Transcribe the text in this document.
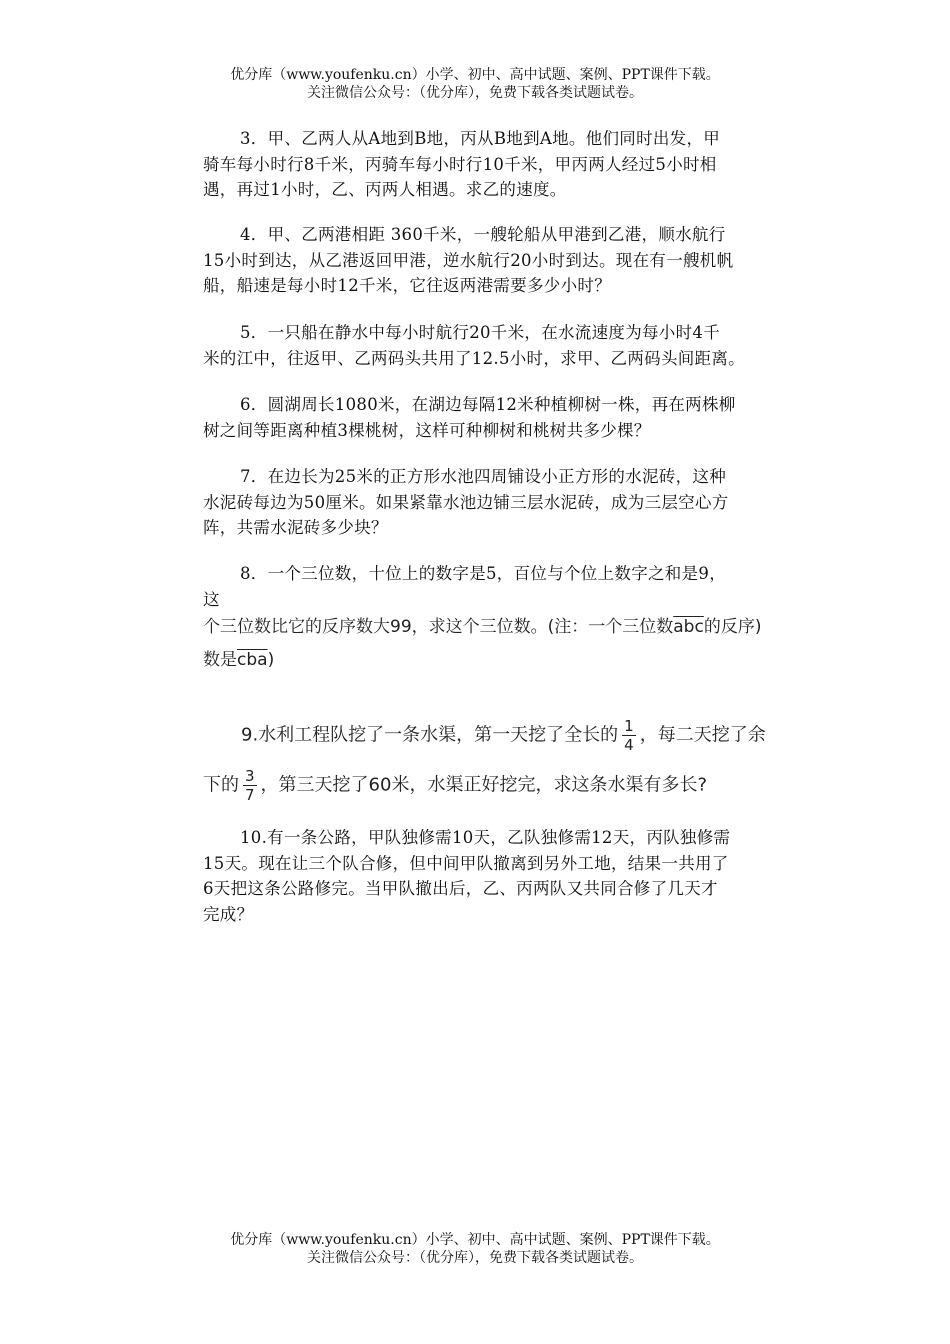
优分库（www.youfenku.cn）小学、初中、高中试题、案例、PPT课件下载。
关注微信公众号：（优分库），免费下载各类试题试卷。
3．甲、乙两人从A地到B地，丙从B地到A地。他们同时出发，甲
骑车每小时行8千米，丙骑车每小时行10千米，甲丙两人经过5小时相
遇，再过1小时，乙、丙两人相遇。求乙的速度。
4．甲、乙两港相距 360千米，一艘轮船从甲港到乙港，顺水航行
15小时到达，从乙港返回甲港，逆水航行20小时到达。现在有一艘机帆
船，船速是每小时12千米，它往返两港需要多少小时？
5．一只船在静水中每小时航行20千米，在水流速度为每小时4千
米的江中，往返甲、乙两码头共用了12.5小时，求甲、乙两码头间距离。
6．圆湖周长1080米，在湖边每隔12米种植柳树一株，再在两株柳
树之间等距离种植3棵桃树，这样可种柳树和桃树共多少棵？
7．在边长为25米的正方形水池四周铺设小正方形的水泥砖，这种
水泥砖每边为50厘米。如果紧靠水池边铺三层水泥砖，成为三层空心方
阵，共需水泥砖多少块？
8．一个三位数，十位上的数字是5，百位与个位上数字之和是9，
这
个三位数比它的反序数大99，求这个三位数。(注：一个三位数$\overline{abc}$的反序)
数是$\overline{cba}$)
9.水利工程队挖了一条水渠，第一天挖了全长的 $\frac{1}{4}$ ，每二天挖了余
下的 $\frac{3}{7}$ ，第三天挖了60米，水渠正好挖完，求这条水渠有多长?
10.有一条公路，甲队独修需10天，乙队独修需12天，丙队独修需
15天。现在让三个队合修，但中间甲队撤离到另外工地，结果一共用了
6天把这条公路修完。当甲队撤出后，乙、丙两队又共同合修了几天才
完成？
优分库（www.youfenku.cn）小学、初中、高中试题、案例、PPT课件下载。
关注微信公众号：（优分库），免费下载各类试题试卷。
